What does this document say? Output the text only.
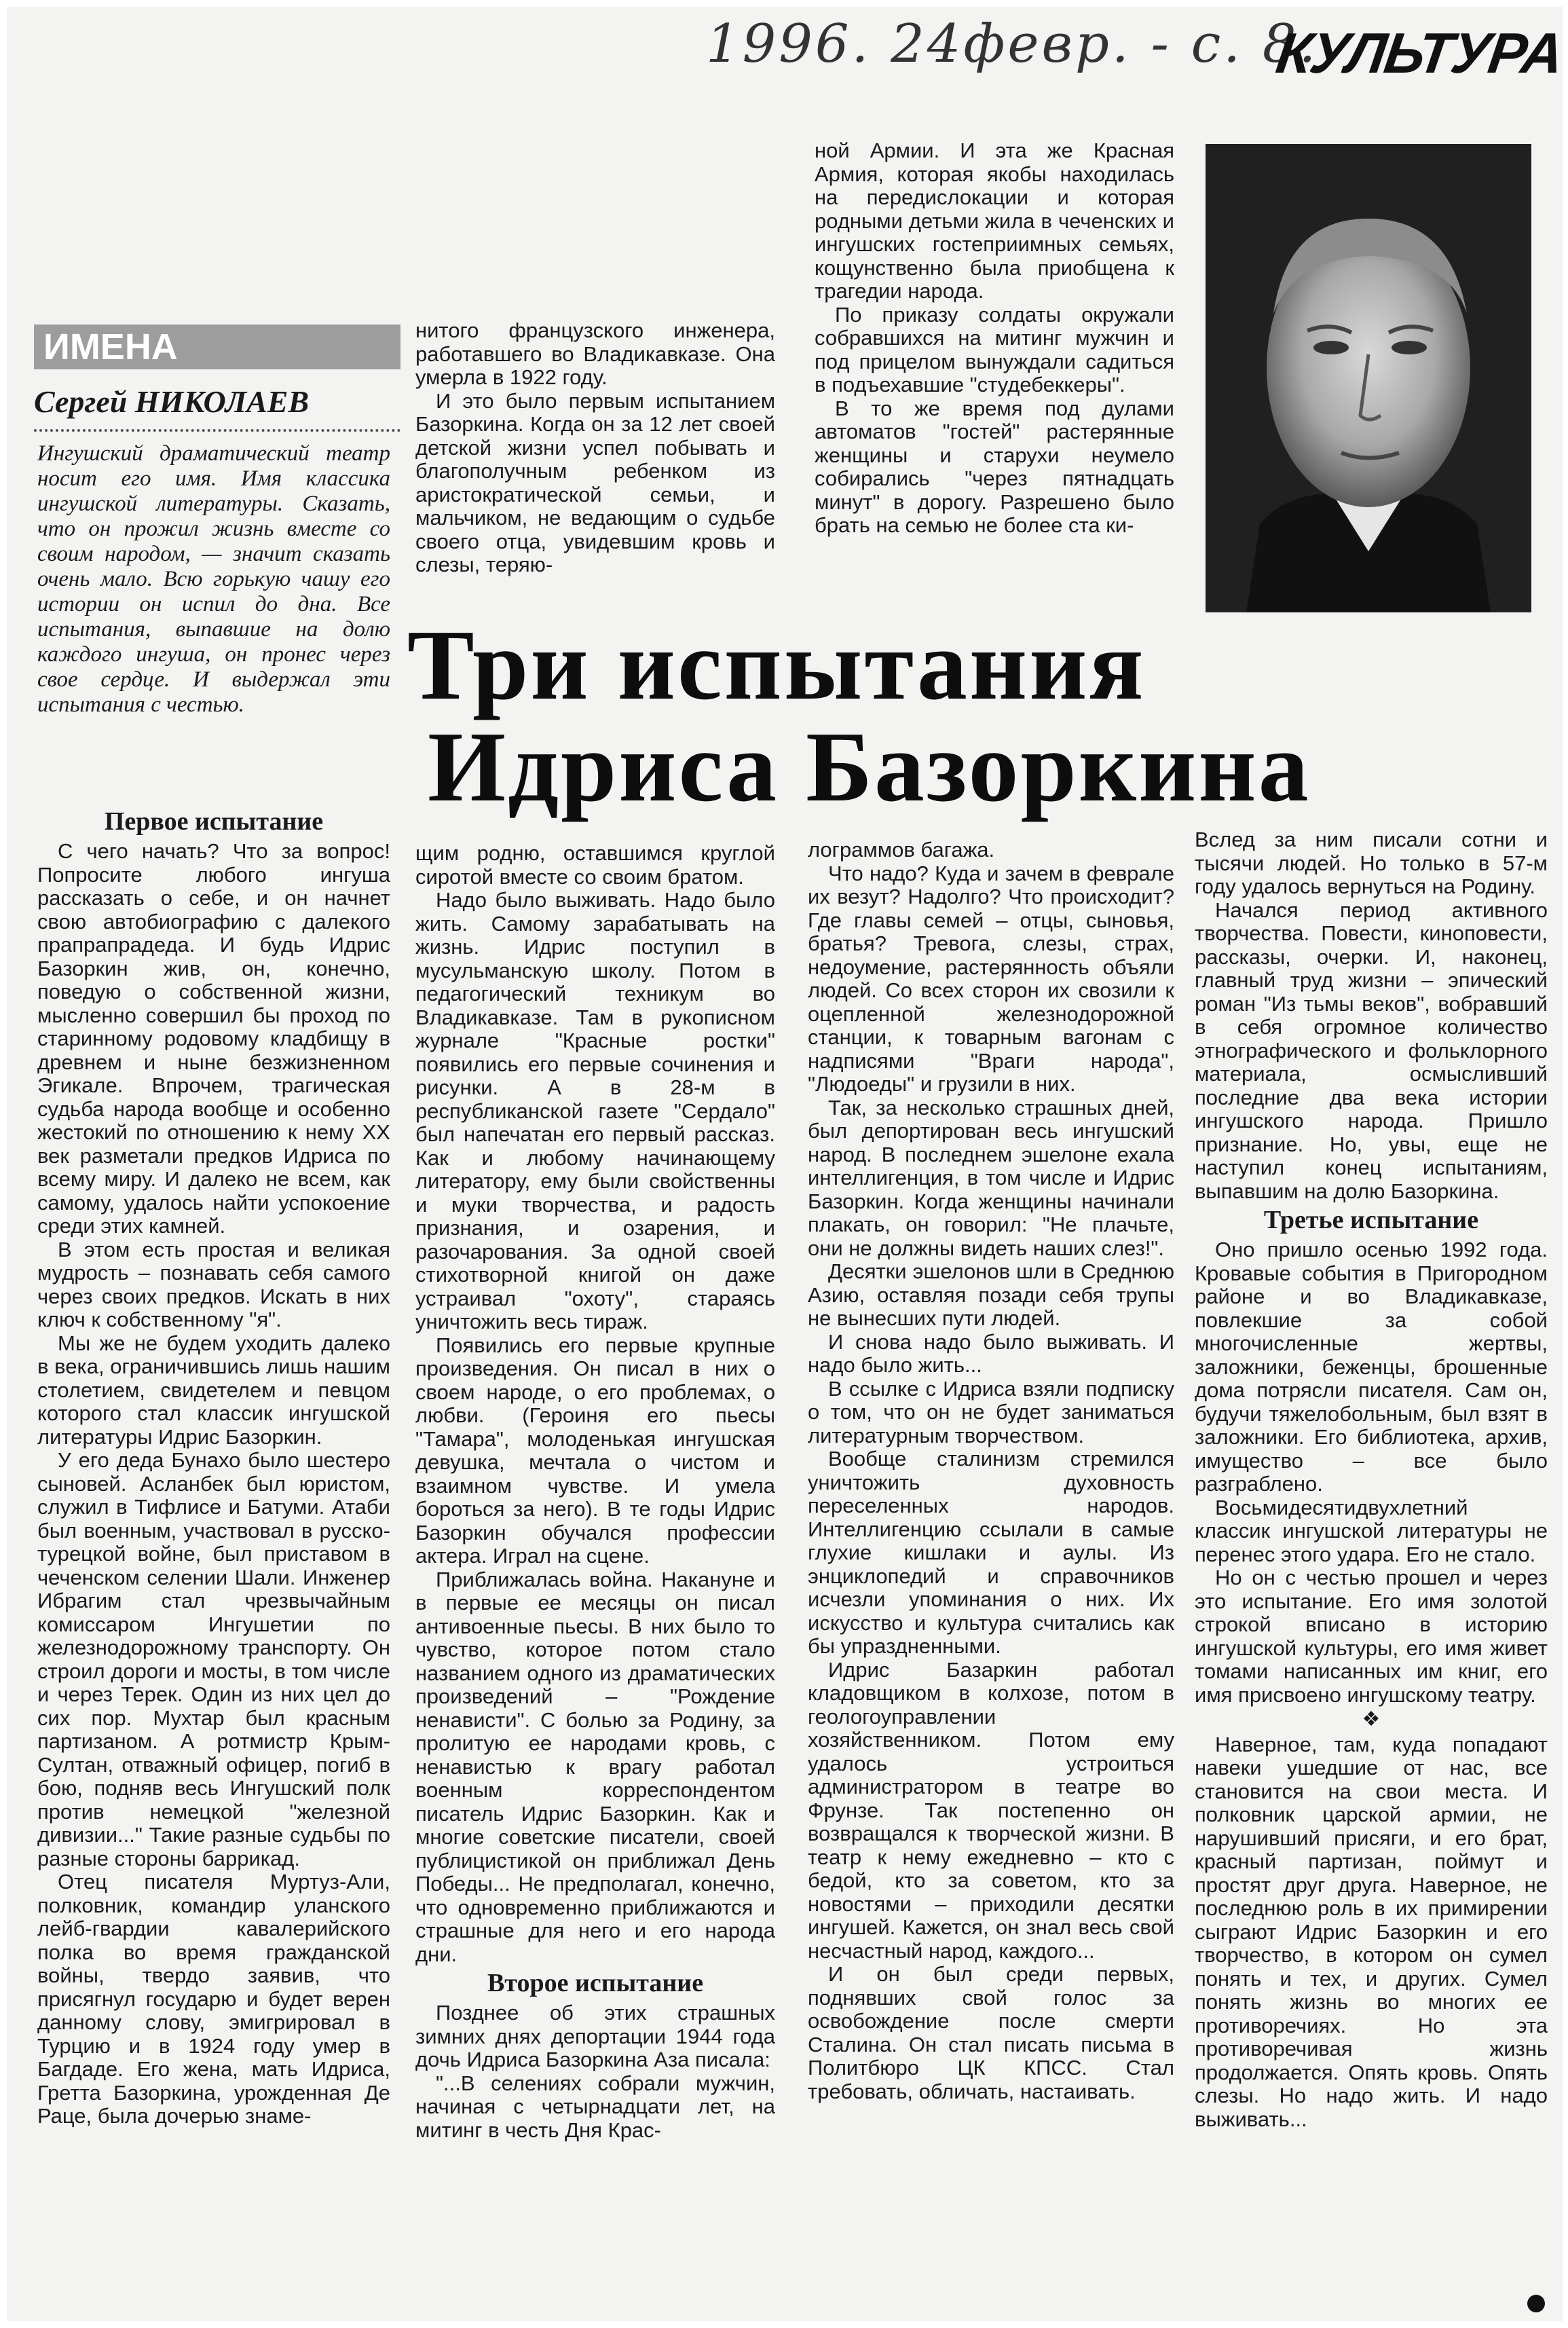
1996. 24февр. - с. 8.
КУЛЬТУРА
ИМЕНА
Сергей НИКОЛАЕВ
Ингушский драматический театр носит его имя. Имя классика ингушской литературы. Сказать, что он прожил жизнь вместе со своим народом, — значит сказать очень мало. Всю горькую чашу его истории он испил до дна. Все испытания, выпавшие на долю каждого ингуша, он пронес через свое сердце. И выдержал эти испытания с честью.

нитого французского инженера, работавшего во Владикавказе. Она умерла в 1922 году.

И это было первым испытанием Базоркина. Когда он за 12 лет своей детской жизни успел побывать и благополучным ребенком из аристократической семьи, и мальчиком, не ведающим о судьбе своего отца, увидевшим кровь и слезы, теряю-

ной Армии. И эта же Красная Армия, которая якобы находилась на передислокации и которая родными детьми жила в чеченских и ингушских гостеприимных семьях, кощунственно была приобщена к трагедии народа.

По приказу солдаты окружали собравшихся на митинг мужчин и под прицелом вынуждали садиться в подъехавшие "студебеккеры".

В то же время под дулами автоматов "гостей" растерянные женщины и старухи неумело собирались "через пятнадцать минут" в дорогу. Разрешено было брать на семью не более ста ки-

Три испытания
Идриса Базоркина
Первое испытание

С чего начать? Что за вопрос! Попросите любого ингуша рассказать о себе, и он начнет свою автобиографию с далекого прапрапрадеда. И будь Идрис Базоркин жив, он, конечно, поведую о собственной жизни, мысленно совершил бы проход по старинному родовому кладбищу в древнем и ныне безжизненном Эгикале. Впрочем, трагическая судьба народа вообще и особенно жестокий по отношению к нему XX век разметали предков Идриса по всему миру. И далеко не всем, как самому, удалось найти успокоение среди этих камней.

В этом есть простая и великая мудрость – познавать себя самого через своих предков. Искать в них ключ к собственному "я".

Мы же не будем уходить далеко в века, ограничившись лишь нашим столетием, свидетелем и певцом которого стал классик ингушской литературы Идрис Базоркин.

У его деда Бунахо было шестеро сыновей. Асланбек был юристом, служил в Тифлисе и Батуми. Атаби был военным, участвовал в русско-турецкой войне, был приставом в чеченском селении Шали. Инженер Ибрагим стал чрезвычайным комиссаром Ингушетии по железнодорожному транспорту. Он строил дороги и мосты, в том числе и через Терек. Один из них цел до сих пор. Мухтар был красным партизаном. А ротмистр Крым-Султан, отважный офицер, погиб в бою, подняв весь Ингушский полк против немецкой "железной дивизии..." Такие разные судьбы по разные стороны баррикад.

Отец писателя Муртуз-Али, полковник, командир уланского лейб-гвардии кавалерийского полка во время гражданской войны, твердо заявив, что присягнул государю и будет верен данному слову, эмигрировал в Турцию и в 1924 году умер в Багдаде. Его жена, мать Идриса, Гретта Базоркина, урожденная Де Раце, была дочерью знаме-

щим родню, оставшимся круглой сиротой вместе со своим братом.

Надо было выживать. Надо было жить. Самому зарабатывать на жизнь. Идрис поступил в мусульманскую школу. Потом в педагогический техникум во Владикавказе. Там в рукописном журнале "Красные ростки" появились его первые сочинения и рисунки. А в 28-м в республиканской газете "Сердало" был напечатан его первый рассказ. Как и любому начинающему литератору, ему были свойственны и муки творчества, и радость признания, и озарения, и разочарования. За одной своей стихотворной книгой он даже устраивал "охоту", стараясь уничтожить весь тираж.

Появились его первые крупные произведения. Он писал в них о своем народе, о его проблемах, о любви. (Героиня его пьесы "Тамара", молоденькая ингушская девушка, мечтала о чистом и взаимном чувстве. И умела бороться за него). В те годы Идрис Базоркин обучался профессии актера. Играл на сцене.

Приближалась война. Накануне и в первые ее месяцы он писал антивоенные пьесы. В них было то чувство, которое потом стало названием одного из драматических произведений – "Рождение ненависти". С болью за Родину, за пролитую ее народами кровь, с ненавистью к врагу работал военным корреспондентом писатель Идрис Базоркин. Как и многие советские писатели, своей публицистикой он приближал День Победы... Не предполагал, конечно, что одновременно приближаются и страшные для него и его народа дни.

Второе испытание

Позднее об этих страшных зимних днях депортации 1944 года дочь Идриса Базоркина Аза писала:

"...В селениях собрали мужчин, начиная с четырнадцати лет, на митинг в честь Дня Крас-

лограммов багажа.

Что надо? Куда и зачем в феврале их везут? Надолго? Что происходит? Где главы семей – отцы, сыновья, братья? Тревога, слезы, страх, недоумение, растерянность объяли людей. Со всех сторон их свозили к оцепленной железнодорожной станции, к товарным вагонам с надписями "Враги народа", "Людоеды" и грузили в них.

Так, за несколько страшных дней, был депортирован весь ингушский народ. В последнем эшелоне ехала интеллигенция, в том числе и Идрис Базоркин. Когда женщины начинали плакать, он говорил: "Не плачьте, они не должны видеть наших слез!".

Десятки эшелонов шли в Среднюю Азию, оставляя позади себя трупы не вынесших пути людей.

И снова надо было выживать. И надо было жить...

В ссылке с Идриса взяли подписку о том, что он не будет заниматься литературным творчеством.

Вообще сталинизм стремился уничтожить духовность переселенных народов. Интеллигенцию ссылали в самые глухие кишлаки и аулы. Из энциклопедий и справочников исчезли упоминания о них. Их искусство и культура считались как бы упраздненными.

Идрис Базаркин работал кладовщиком в колхозе, потом в геологоуправлении хозяйственником. Потом ему удалось устроиться администратором в театре во Фрунзе. Так постепенно он возвращался к творческой жизни. В театр к нему ежедневно – кто с бедой, кто за советом, кто за новостями – приходили десятки ингушей. Кажется, он знал весь свой несчастный народ, каждого...

И он был среди первых, поднявших свой голос за освобождение после смерти Сталина. Он стал писать письма в Политбюро ЦК КПСС. Стал требовать, обличать, настаивать.

Вслед за ним писали сотни и тысячи людей. Но только в 57-м году удалось вернуться на Родину.

Начался период активного творчества. Повести, киноповести, рассказы, очерки. И, наконец, главный труд жизни – эпический роман "Из тьмы веков", вобравший в себя огромное количество этнографического и фольклорного материала, осмысливший последние два века истории ингушского народа. Пришло признание. Но, увы, еще не наступил конец испытаниям, выпавшим на долю Базоркина.

Третье испытание

Оно пришло осенью 1992 года. Кровавые события в Пригородном районе и во Владикавказе, повлекшие за собой многочисленные жертвы, заложники, беженцы, брошенные дома потрясли писателя. Сам он, будучи тяжелобольным, был взят в заложники. Его библиотека, архив, имущество – все было разграблено.

Восьмидесятидвухлетний классик ингушской литературы не перенес этого удара. Его не стало.

Но он с честью прошел и через это испытание. Его имя золотой строкой вписано в историю ингушской культуры, его имя живет томами написанных им книг, его имя присвоено ингушскому театру.

❖

Наверное, там, куда попадают навеки ушедшие от нас, все становится на свои места. И полковник царской армии, не нарушивший присяги, и его брат, красный партизан, поймут и простят друг друга. Наверное, не последнюю роль в их примирении сыграют Идрис Базоркин и его творчество, в котором он сумел понять и тех, и других. Сумел понять жизнь во многих ее противоречиях. Но эта противоречивая жизнь продолжается. Опять кровь. Опять слезы. Но надо жить. И надо выживать...
